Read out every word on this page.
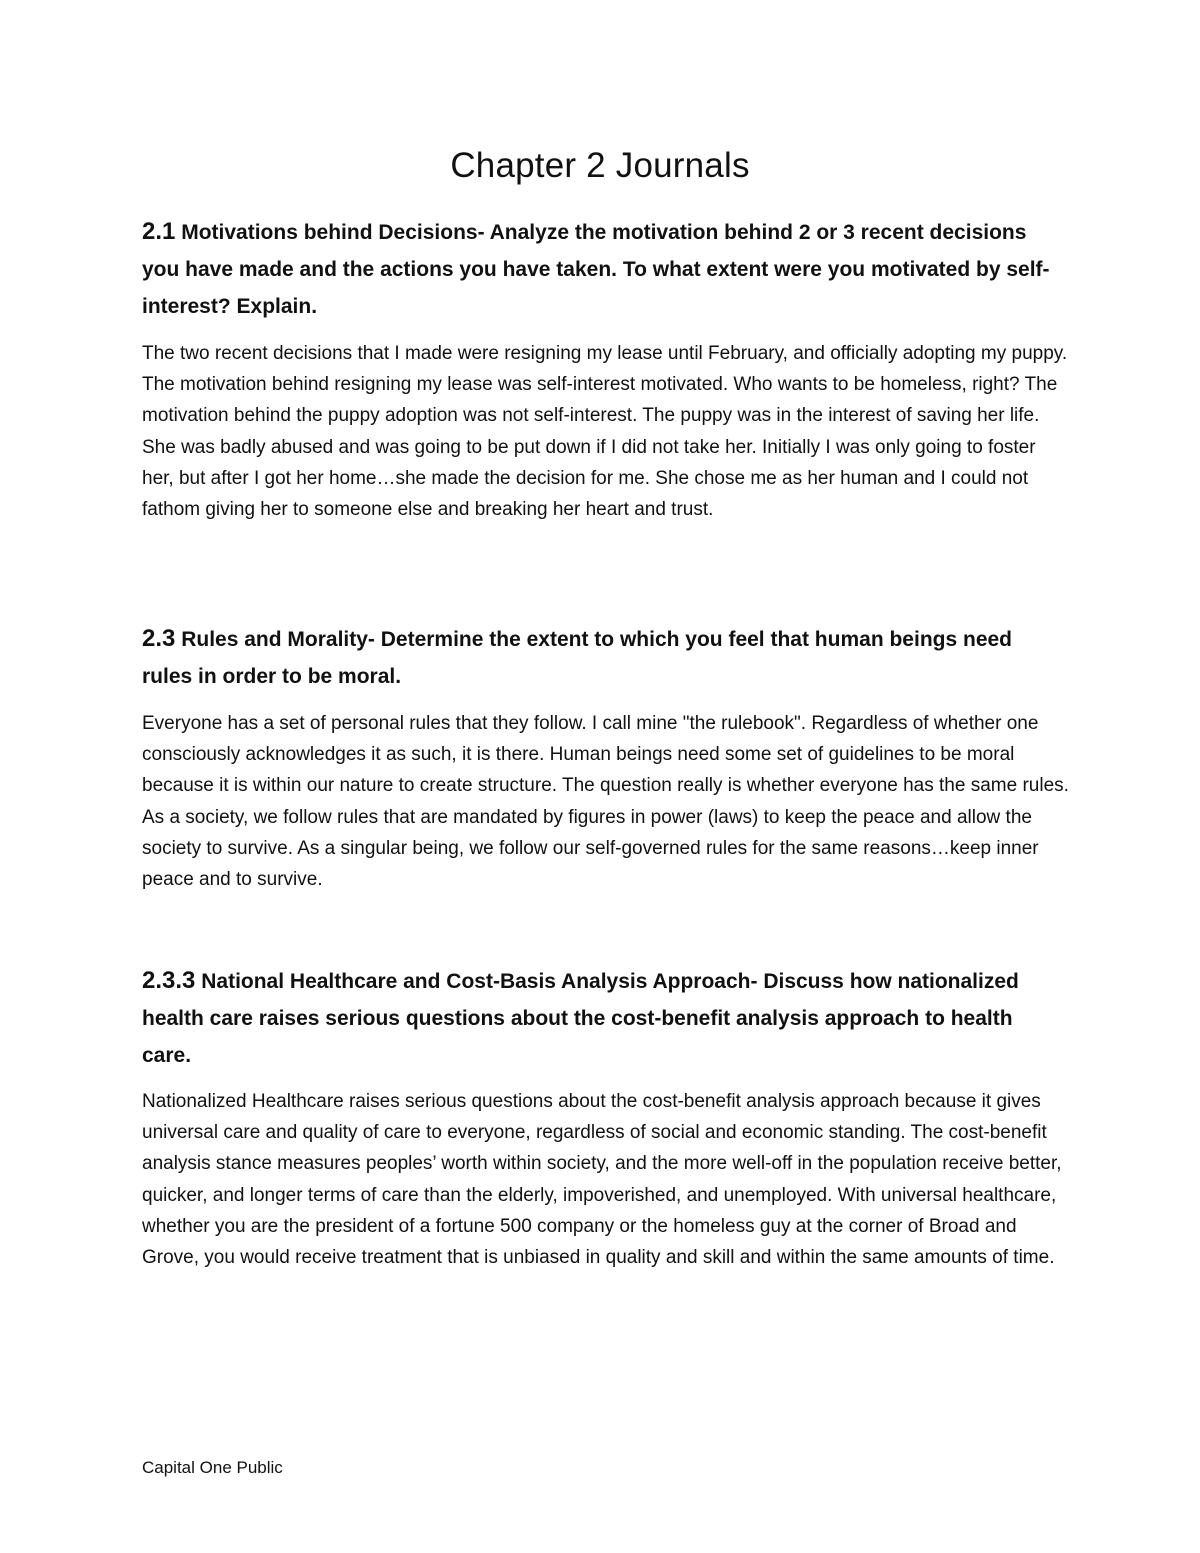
Chapter 2 Journals

2.1 Motivations behind Decisions- Analyze the motivation behind 2 or 3 recent decisions you have made and the actions you have taken. To what extent were you motivated by self-interest? Explain.

The two recent decisions that I made were resigning my lease until February, and officially adopting my puppy. The motivation behind resigning my lease was self-interest motivated. Who wants to be homeless, right? The motivation behind the puppy adoption was not self-interest. The puppy was in the interest of saving her life. She was badly abused and was going to be put down if I did not take her. Initially I was only going to foster her, but after I got her home…she made the decision for me. She chose me as her human and I could not fathom giving her to someone else and breaking her heart and trust.

2.3 Rules and Morality- Determine the extent to which you feel that human beings need rules in order to be moral.

Everyone has a set of personal rules that they follow. I call mine "the rulebook". Regardless of whether one consciously acknowledges it as such, it is there. Human beings need some set of guidelines to be moral because it is within our nature to create structure. The question really is whether everyone has the same rules. As a society, we follow rules that are mandated by figures in power (laws) to keep the peace and allow the society to survive. As a singular being, we follow our self-governed rules for the same reasons…keep inner peace and to survive.

2.3.3 National Healthcare and Cost-Basis Analysis Approach- Discuss how nationalized health care raises serious questions about the cost-benefit analysis approach to health care.

Nationalized Healthcare raises serious questions about the cost-benefit analysis approach because it gives universal care and quality of care to everyone, regardless of social and economic standing. The cost-benefit analysis stance measures peoples’ worth within society, and the more well-off in the population receive better, quicker, and longer terms of care than the elderly, impoverished, and unemployed. With universal healthcare, whether you are the president of a fortune 500 company or the homeless guy at the corner of Broad and Grove, you would receive treatment that is unbiased in quality and skill and within the same amounts of time.

Capital One Public
